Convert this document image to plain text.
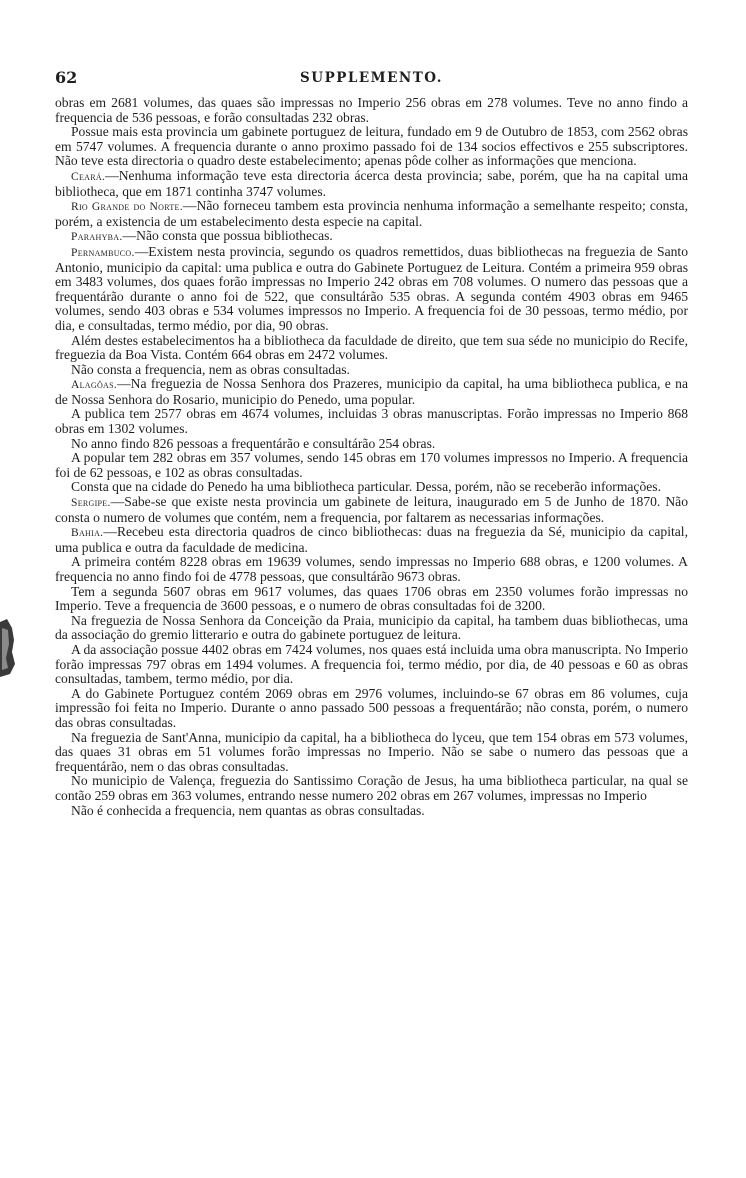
62	SUPPLEMENTO.

obras em 2681 volumes, das quaes são impressas no Imperio 256 obras em 278 volumes. Teve no anno findo a frequencia de 536 pessoas, e forão consultadas 232 obras.

Possue mais esta provincia um gabinete portuguez de leitura, fundado em 9 de Outubro de 1853, com 2562 obras em 5747 volumes. A frequencia durante o anno proximo passado foi de 134 socios effectivos e 255 subscriptores. Não teve esta directoria o quadro deste estabelecimento; apenas pôde colher as informações que menciona.

Ceará.—Nenhuma informação teve esta directoria ácerca desta provincia; sabe, porém, que ha na capital uma bibliotheca, que em 1871 continha 3747 volumes.

Rio Grande do Norte.—Não forneceu tambem esta provincia nenhuma informação a semelhante respeito; consta, porém, a existencia de um estabelecimento desta especie na capital.

Parahyba.—Não consta que possua bibliothecas.

Pernambuco.—Existem nesta provincia, segundo os quadros remettidos, duas bibliothecas na freguezia de Santo Antonio, municipio da capital: uma publica e outra do Gabinete Portuguez de Leitura. Contém a primeira 959 obras em 3483 volumes, dos quaes forão impressas no Imperio 242 obras em 708 volumes. O numero das pessoas que a frequentárão durante o anno foi de 522, que consultárão 535 obras. A segunda contém 4903 obras em 9465 volumes, sendo 403 obras e 534 volumes impressos no Imperio. A frequencia foi de 30 pessoas, termo médio, por dia, e consultadas, termo médio, por dia, 90 obras.

Além destes estabelecimentos ha a bibliotheca da faculdade de direito, que tem sua séde no municipio do Recife, freguezia da Boa Vista. Contém 664 obras em 2472 volumes.

Não consta a frequencia, nem as obras consultadas.

Alagôas.—Na freguezia de Nossa Senhora dos Prazeres, municipio da capital, ha uma bibliotheca publica, e na de Nossa Senhora do Rosario, municipio do Penedo, uma popular.

A publica tem 2577 obras em 4674 volumes, incluidas 3 obras manuscriptas. Forão impressas no Imperio 868 obras em 1302 volumes.

No anno findo 826 pessoas a frequentárão e consultárão 254 obras.

A popular tem 282 obras em 357 volumes, sendo 145 obras em 170 volumes impressos no Imperio. A frequencia foi de 62 pessoas, e 102 as obras consultadas.

Consta que na cidade do Penedo ha uma bibliotheca particular. Dessa, porém, não se receberão informações.

Sergipe.—Sabe-se que existe nesta provincia um gabinete de leitura, inaugurado em 5 de Junho de 1870. Não consta o numero de volumes que contém, nem a frequencia, por faltarem as necessarias informações.

Bahia.—Recebeu esta directoria quadros de cinco bibliothecas: duas na freguezia da Sé, municipio da capital, uma publica e outra da faculdade de medicina.

A primeira contém 8228 obras em 19639 volumes, sendo impressas no Imperio 688 obras, e 1200 volumes. A frequencia no anno findo foi de 4778 pessoas, que consultárão 9673 obras.

Tem a segunda 5607 obras em 9617 volumes, das quaes 1706 obras em 2350 volumes forão impressas no Imperio. Teve a frequencia de 3600 pessoas, e o numero de obras consultadas foi de 3200.

Na freguezia de Nossa Senhora da Conceição da Praia, municipio da capital, ha tambem duas bibliothecas, uma da associação do gremio litterario e outra do gabinete portuguez de leitura.

A da associação possue 4402 obras em 7424 volumes, nos quaes está incluida uma obra manuscripta. No Imperio forão impressas 797 obras em 1494 volumes. A frequencia foi, termo médio, por dia, de 40 pessoas e 60 as obras consultadas, tambem, termo médio, por dia.

A do Gabinete Portuguez contém 2069 obras em 2976 volumes, incluindo-se 67 obras em 86 volumes, cuja impressão foi feita no Imperio. Durante o anno passado 500 pessoas a frequentárão; não consta, porém, o numero das obras consultadas.

Na freguezia de Sant'Anna, municipio da capital, ha a bibliotheca do lyceu, que tem 154 obras em 573 volumes, das quaes 31 obras em 51 volumes forão impressas no Imperio. Não se sabe o numero das pessoas que a frequentárão, nem o das obras consultadas.

No municipio de Valença, freguezia do Santissimo Coração de Jesus, ha uma bibliotheca particular, na qual se contão 259 obras em 363 volumes, entrando nesse numero 202 obras em 267 volumes, impressas no Imperio

Não é conhecida a frequencia, nem quantas as obras consultadas.
